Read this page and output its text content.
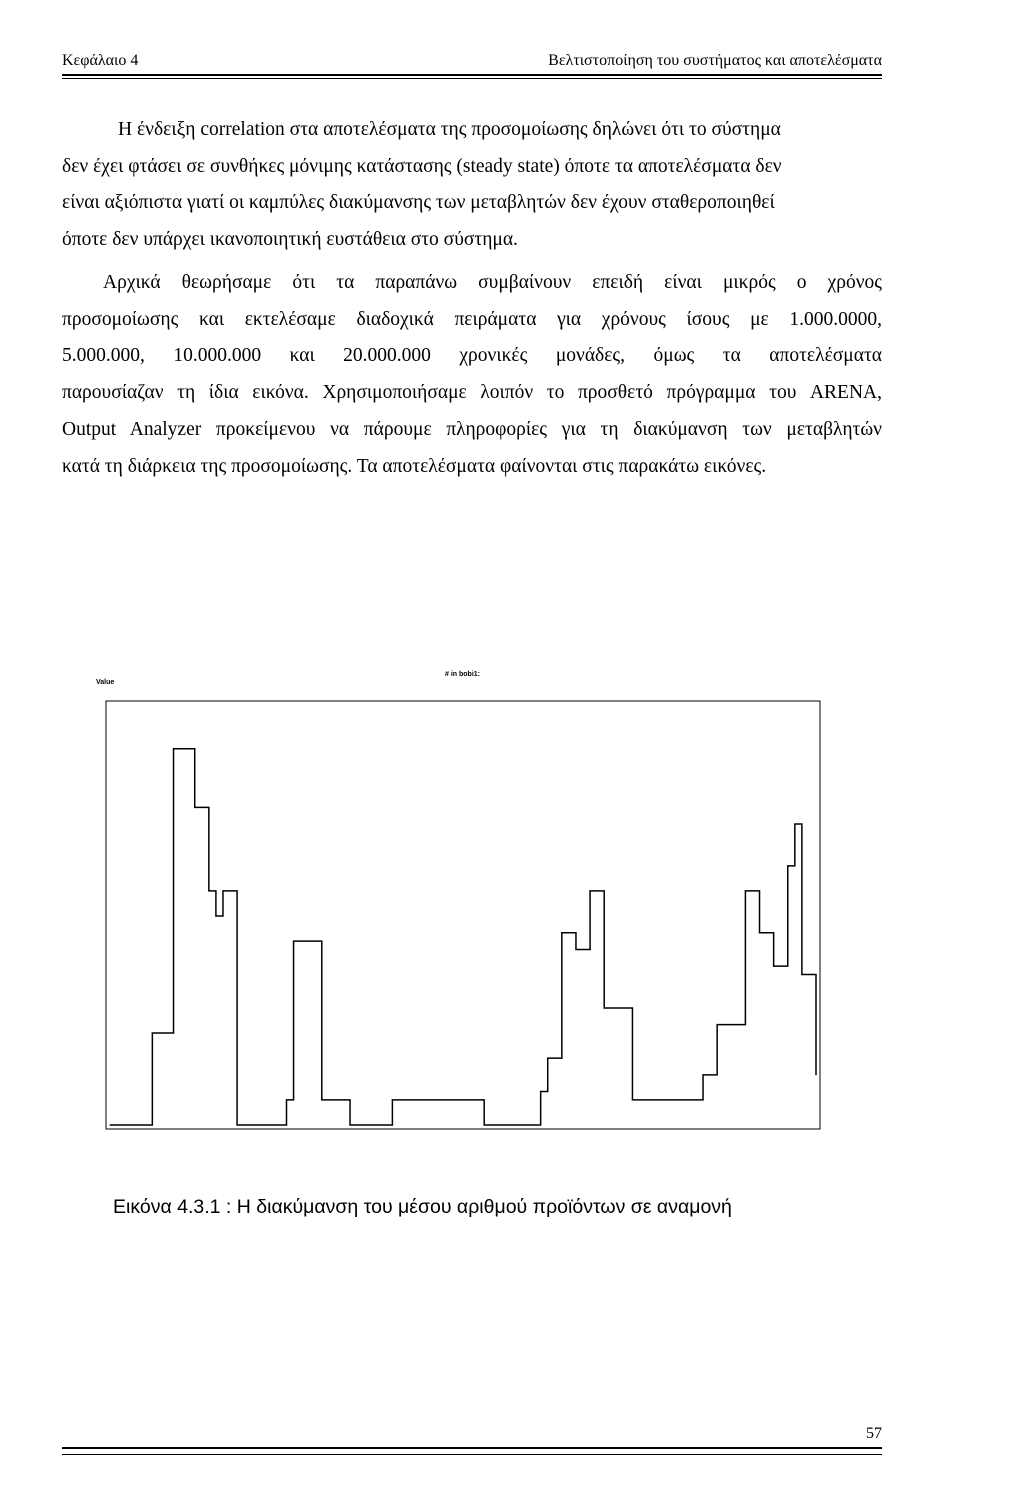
Κεφάλαιο 4	Βελτιστοποίηση του συστήματος και αποτελέσματα
Η ένδειξη correlation στα αποτελέσματα της προσομοίωσης δηλώνει ότι το σύστημα
δεν έχει φτάσει σε συνθήκες μόνιμης κατάστασης (steady state) όποτε τα αποτελέσματα δεν
είναι αξιόπιστα γιατί οι καμπύλες διακύμανσης των μεταβλητών δεν έχουν σταθεροποιηθεί
όποτε δεν υπάρχει ικανοποιητική ευστάθεια στο σύστημα.
Αρχικά θεωρήσαμε ότι τα παραπάνω συμβαίνουν επειδή είναι μικρός ο χρόνος
προσομοίωσης και εκτελέσαμε διαδοχικά πειράματα για χρόνους ίσους με 1.000.0000,
5.000.000, 10.000.000 και 20.000.000 χρονικές μονάδες, όμως τα αποτελέσματα
παρουσίαζαν τη ίδια εικόνα. Χρησιμοποιήσαμε λοιπόν το προσθετό πρόγραμμα του ARENA,
Output Analyzer προκείμενου να πάρουμε πληροφορίες για τη διακύμανση των μεταβλητών
κατά τη διάρκεια της προσομοίωσης. Τα αποτελέσματα φαίνονται στις παρακάτω εικόνες.
Value
# in bobi1:
Εικόνα 4.3.1 : Η διακύμανση του μέσου αριθμού προϊόντων σε αναμονή
57
